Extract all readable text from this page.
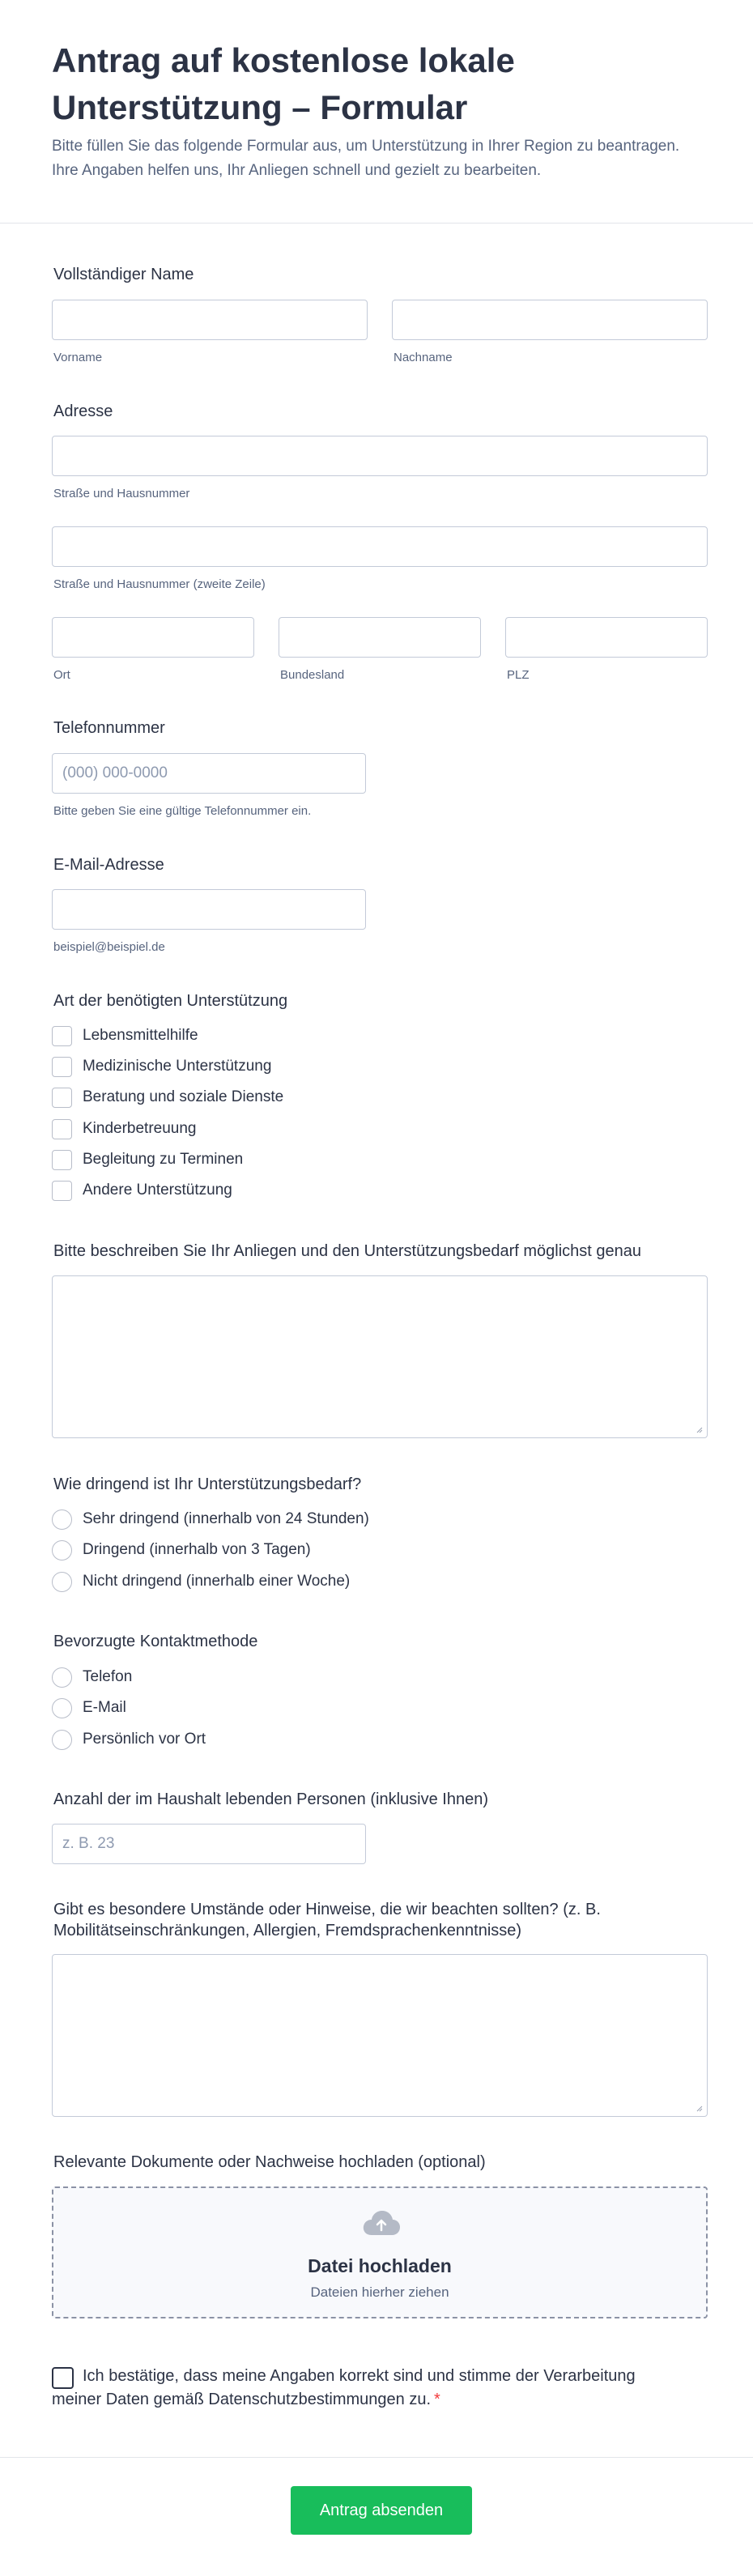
Antrag auf kostenlose lokale Unterstützung – Formular

Bitte füllen Sie das folgende Formular aus, um Unterstützung in Ihrer Region zu beantragen. Ihre Angaben helfen uns, Ihr Anliegen schnell und gezielt zu bearbeiten.

Vollständiger Name
Vorname	Nachname
Adresse
Straße und Hausnummer
Straße und Hausnummer (zweite Zeile)
Ort	Bundesland	PLZ
Telefonnummer
(000) 000-0000
Bitte geben Sie eine gültige Telefonnummer ein.
E-Mail-Adresse
beispiel@beispiel.de
Art der benötigten Unterstützung
Lebensmittelhilfe
Medizinische Unterstützung
Beratung und soziale Dienste
Kinderbetreuung
Begleitung zu Terminen
Andere Unterstützung
Bitte beschreiben Sie Ihr Anliegen und den Unterstützungsbedarf möglichst genau
Wie dringend ist Ihr Unterstützungsbedarf?
Sehr dringend (innerhalb von 24 Stunden)
Dringend (innerhalb von 3 Tagen)
Nicht dringend (innerhalb einer Woche)
Bevorzugte Kontaktmethode
Telefon
E-Mail
Persönlich vor Ort
Anzahl der im Haushalt lebenden Personen (inklusive Ihnen)
z. B. 23
Gibt es besondere Umstände oder Hinweise, die wir beachten sollten? (z. B. Mobilitätseinschränkungen, Allergien, Fremdsprachenkenntnisse)
Relevante Dokumente oder Nachweise hochladen (optional)
Datei hochladen
Dateien hierher ziehen
Ich bestätige, dass meine Angaben korrekt sind und stimme der Verarbeitung meiner Daten gemäß Datenschutzbestimmungen zu. *
Antrag absenden
